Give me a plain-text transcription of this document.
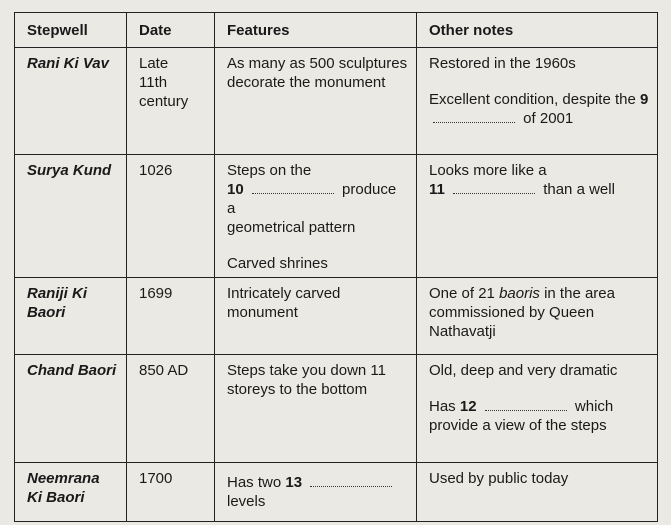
Stepwell	Date	Features	Other notes

Rani Ki Vav	Late
11th
century	As many as 500 sculptures decorate the monument	Restored in the 1960s
Excellent condition, despite the 9  of 2001

Surya Kund	1026	Steps on the
10 produce a
geometrical pattern
Carved shrines	Looks more like a
11 than a well

Raniji Ki Baori	1699	Intricately carved monument	One of 21 baoris in the area commissioned by Queen Nathavatji

Chand Baori	850 AD	Steps take you down 11 storeys to the bottom	Old, deep and very dramatic
Has 12 which provide a view of the steps

Neemrana Ki Baori	1700	Has two 13
levels	Used by public today
